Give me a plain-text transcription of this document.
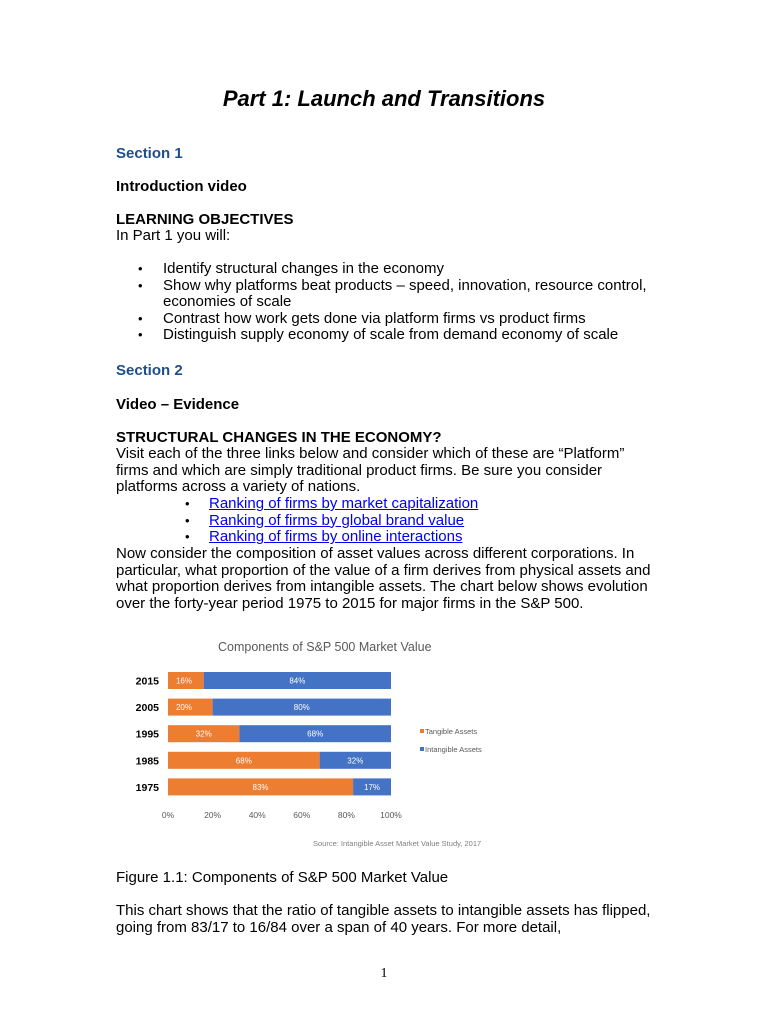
Part 1: Launch and Transitions
Section 1
Introduction video
LEARNING OBJECTIVES
In Part 1 you will:
• Identify structural changes in the economy
• Show why platforms beat products – speed, innovation, resource control, economies of scale
• Contrast how work gets done via platform firms vs product firms
• Distinguish supply economy of scale from demand economy of scale
Section 2
Video – Evidence
STRUCTURAL CHANGES IN THE ECONOMY?
Visit each of the three links below and consider which of these are “Platform” firms and which are simply traditional product firms. Be sure you consider platforms across a variety of nations.
• Ranking of firms by market capitalization
• Ranking of firms by global brand value
• Ranking of firms by online interactions
Now consider the composition of asset values across different corporations. In particular, what proportion of the value of a firm derives from physical assets and what proportion derives from intangible assets. The chart below shows evolution over the forty-year period 1975 to 2015 for major firms in the S&P 500.
Components of S&P 500 Market Value
2015 16%	84%
2005 20%	80%
1995	32%	68%
1985	68%	32%
1975	83%	17%
0%	20%	40%	60%	80%	100%
Tangible Assets
Intangible Assets
Source: Intangible Asset Market Value Study, 2017
Figure 1.1: Components of S&P 500 Market Value
This chart shows that the ratio of tangible assets to intangible assets has flipped, going from 83/17 to 16/84 over a span of 40 years. For more detail,
1
